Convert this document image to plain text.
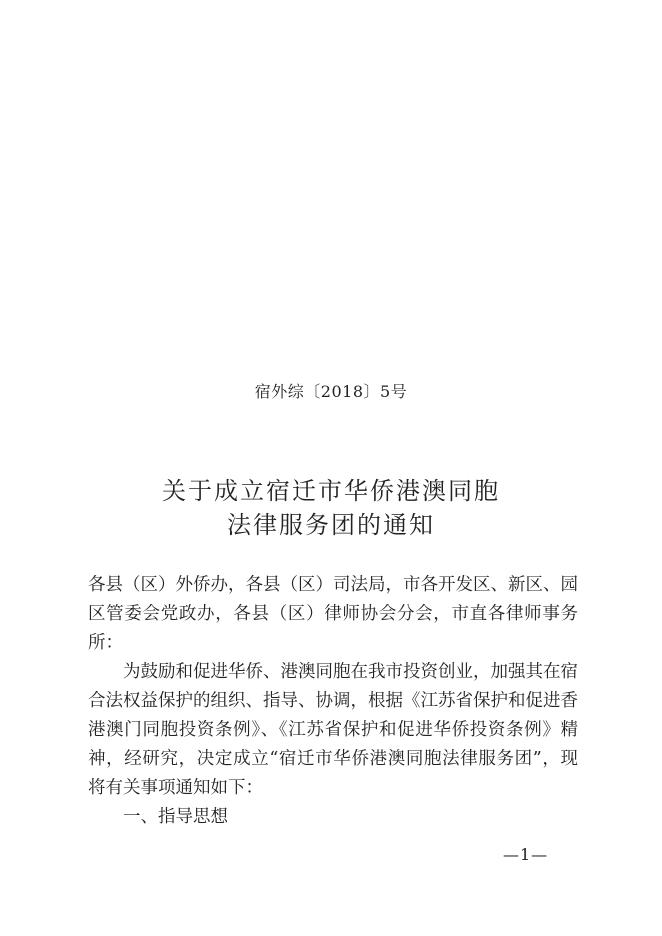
宿外综〔2018〕5号
关于成立宿迁市华侨港澳同胞
法律服务团的通知

各县（区）外侨办，各县（区）司法局，市各开发区、新区、园区管委会党政办，各县（区）律师协会分会，市直各律师事务所：

为鼓励和促进华侨、港澳同胞在我市投资创业，加强其在宿合法权益保护的组织、指导、协调，根据《江苏省保护和促进香港澳门同胞投资条例》、《江苏省保护和促进华侨投资条例》精神，经研究，决定成立“宿迁市华侨港澳同胞法律服务团”，现将有关事项通知如下：

一、指导思想

—1—
